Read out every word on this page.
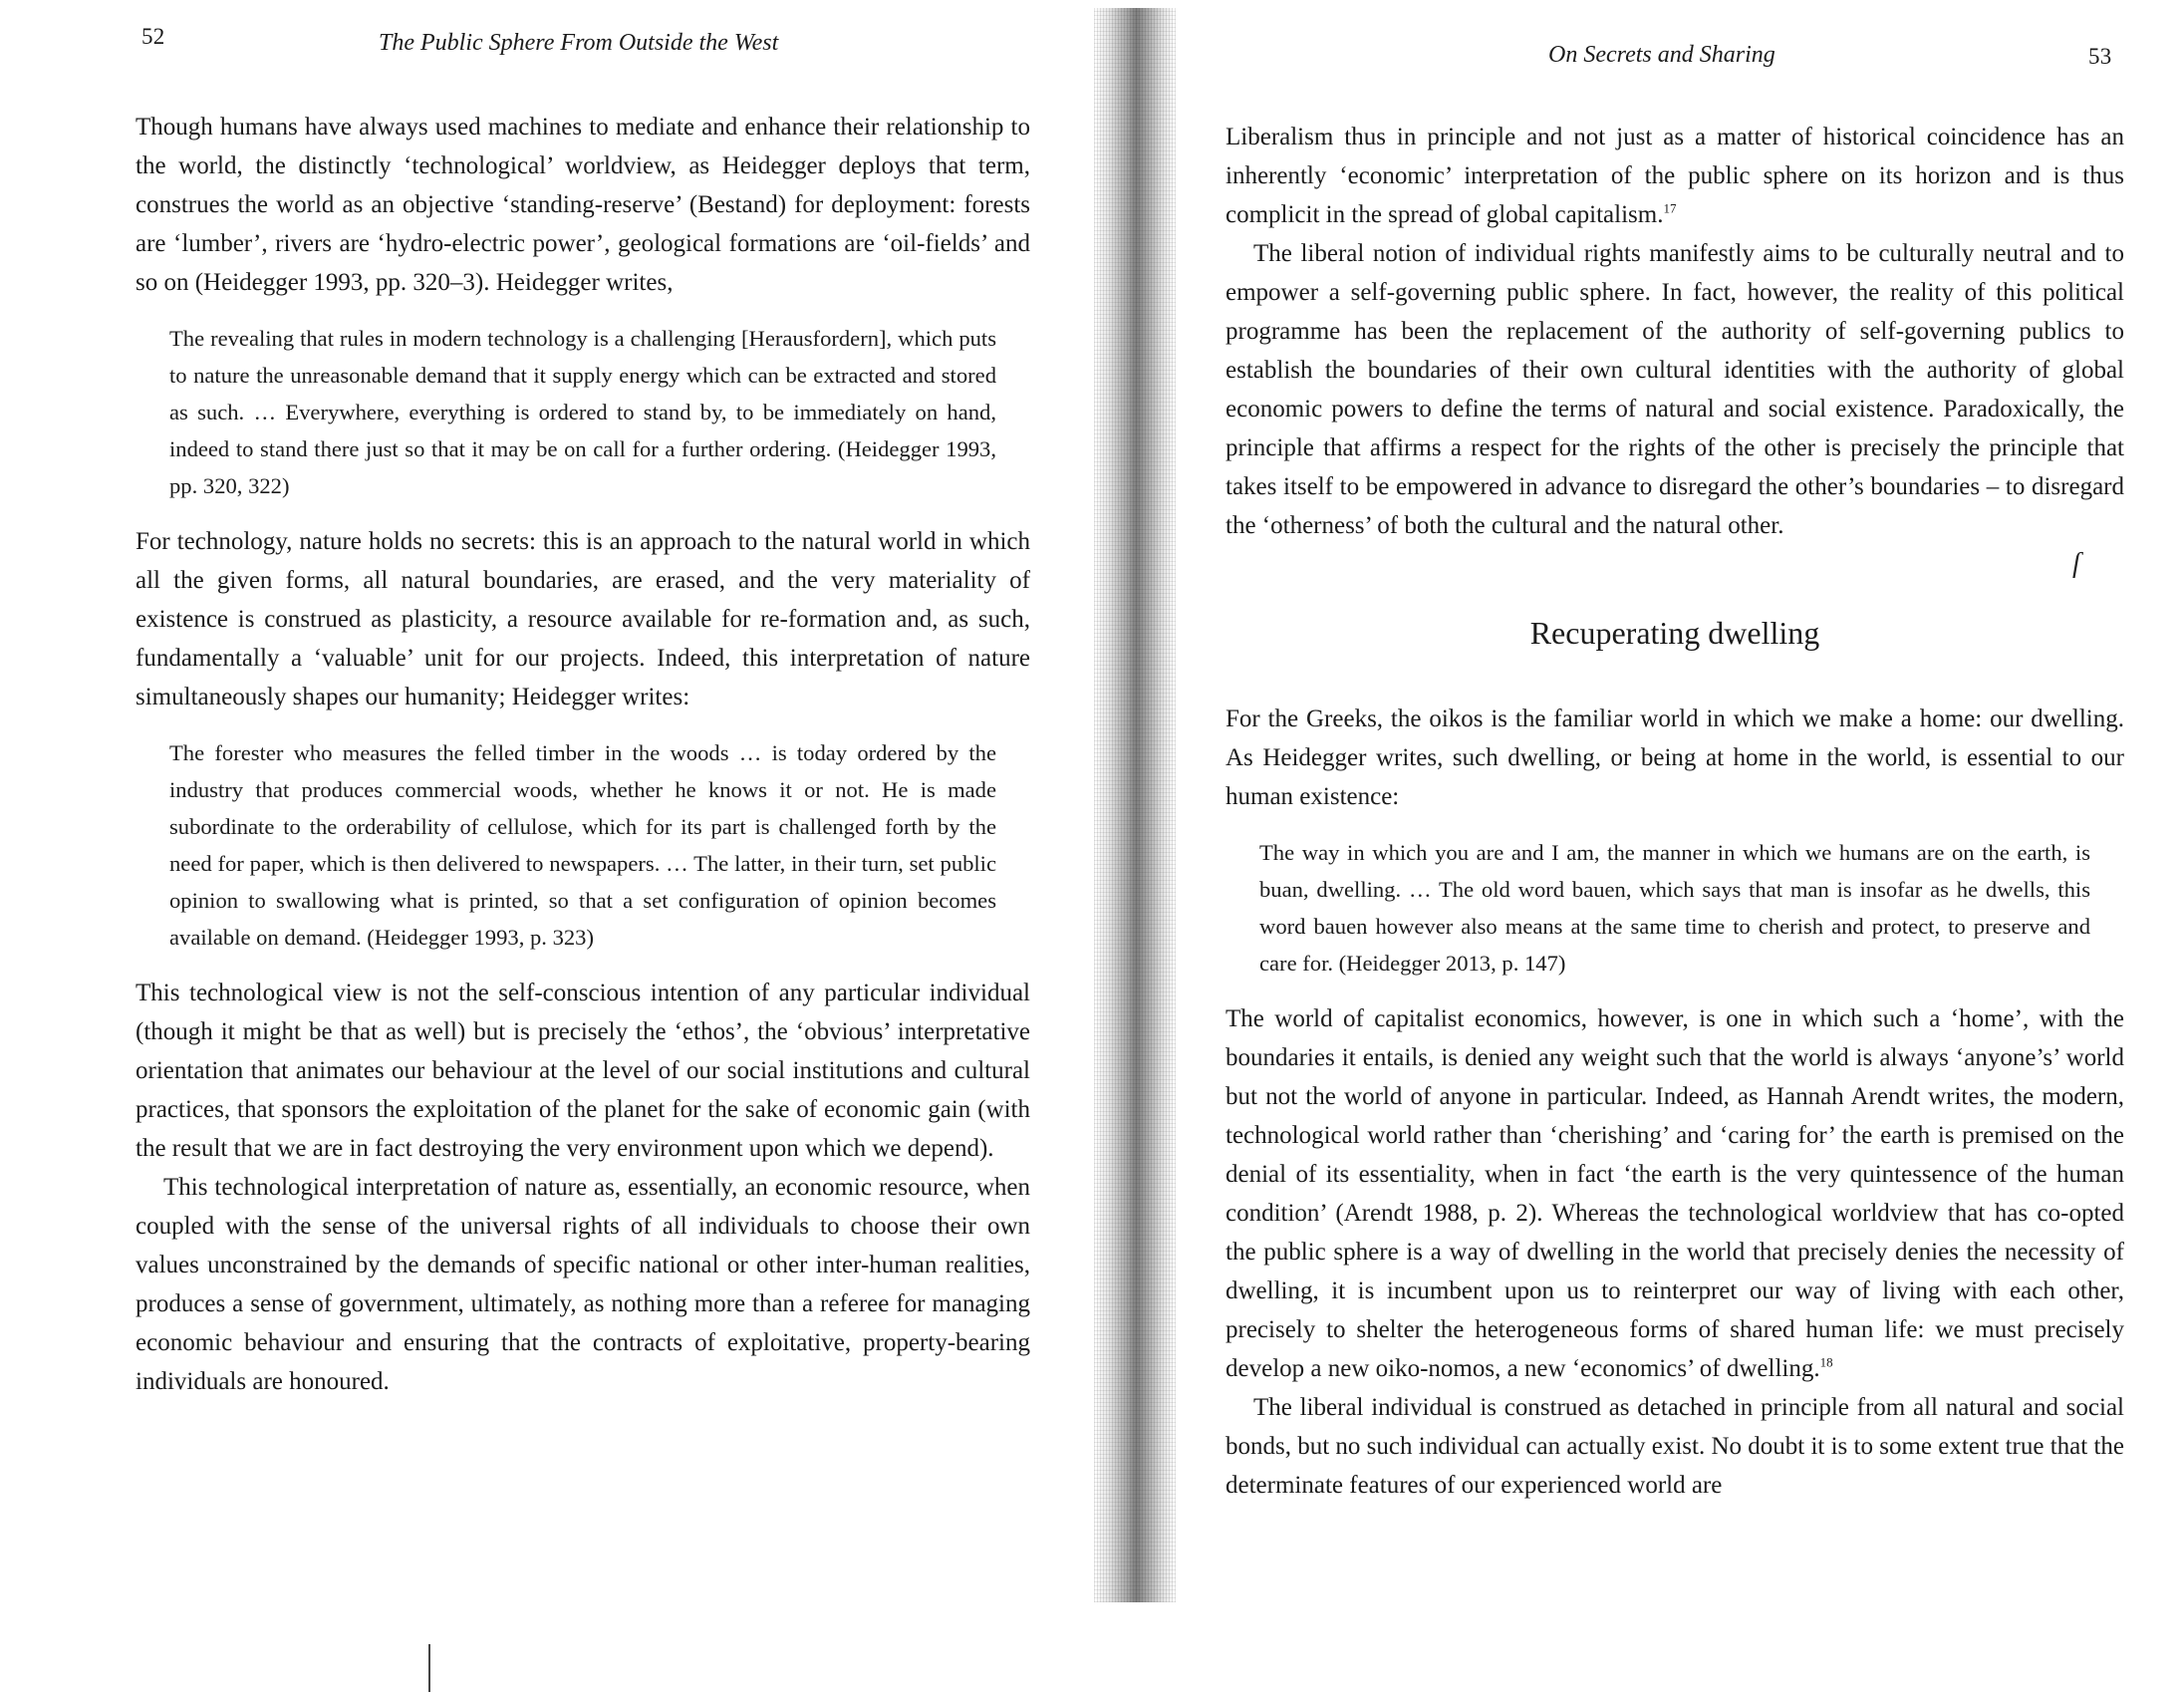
52	The Public Sphere From Outside the West

Though humans have always used machines to mediate and enhance their relationship to the world, the distinctly ‘technological’ worldview, as Heidegger deploys that term, construes the world as an objective ‘standing-reserve’ (Bestand) for deployment: forests are ‘lumber’, rivers are ‘hydro-electric power’, geological formations are ‘oil-fields’ and so on (Heidegger 1993, pp. 320–3). Heidegger writes,

The revealing that rules in modern technology is a challenging [Herausfordern], which puts to nature the unreasonable demand that it supply energy which can be extracted and stored as such. … Everywhere, everything is ordered to stand by, to be immediately on hand, indeed to stand there just so that it may be on call for a further ordering. (Heidegger 1993, pp. 320, 322)

For technology, nature holds no secrets: this is an approach to the natural world in which all the given forms, all natural boundaries, are erased, and the very materiality of existence is construed as plasticity, a resource available for re-formation and, as such, fundamentally a ‘valuable’ unit for our projects. Indeed, this interpretation of nature simultaneously shapes our humanity; Heidegger writes:

The forester who measures the felled timber in the woods … is today ordered by the industry that produces commercial woods, whether he knows it or not. He is made subordinate to the orderability of cellulose, which for its part is challenged forth by the need for paper, which is then delivered to newspapers. … The latter, in their turn, set public opinion to swallowing what is printed, so that a set configuration of opinion becomes available on demand. (Heidegger 1993, p. 323)

This technological view is not the self-conscious intention of any particular individual (though it might be that as well) but is precisely the ‘ethos’, the ‘obvious’ interpretative orientation that animates our behaviour at the level of our social institutions and cultural practices, that sponsors the exploitation of the planet for the sake of economic gain (with the result that we are in fact destroying the very environment upon which we depend).

This technological interpretation of nature as, essentially, an economic resource, when coupled with the sense of the universal rights of all individuals to choose their own values unconstrained by the demands of specific national or other inter-human realities, produces a sense of government, ultimately, as nothing more than a referee for managing economic behaviour and ensuring that the contracts of exploitative, property-bearing individuals are honoured.

On Secrets and Sharing	53

Liberalism thus in principle and not just as a matter of historical coincidence has an inherently ‘economic’ interpretation of the public sphere on its horizon and is thus complicit in the spread of global capitalism.$^{17}$

The liberal notion of individual rights manifestly aims to be culturally neutral and to empower a self-governing public sphere. In fact, however, the reality of this political programme has been the replacement of the authority of self-governing publics to establish the boundaries of their own cultural identities with the authority of global economic powers to define the terms of natural and social existence. Paradoxically, the principle that affirms a respect for the rights of the other is precisely the principle that takes itself to be empowered in advance to disregard the other’s boundaries – to disregard the ‘otherness’ of both the cultural and the natural other.

Recuperating dwelling

For the Greeks, the oikos is the familiar world in which we make a home: our dwelling. As Heidegger writes, such dwelling, or being at home in the world, is essential to our human existence:

The way in which you are and I am, the manner in which we humans are on the earth, is buan, dwelling. … The old word bauen, which says that man is insofar as he dwells, this word bauen however also means at the same time to cherish and protect, to preserve and care for. (Heidegger 2013, p. 147)

The world of capitalist economics, however, is one in which such a ‘home’, with the boundaries it entails, is denied any weight such that the world is always ‘anyone’s’ world but not the world of anyone in particular. Indeed, as Hannah Arendt writes, the modern, technological world rather than ‘cherishing’ and ‘caring for’ the earth is premised on the denial of its essentiality, when in fact ‘the earth is the very quintessence of the human condition’ (Arendt 1988, p. 2). Whereas the technological worldview that has co-opted the public sphere is a way of dwelling in the world that precisely denies the necessity of dwelling, it is incumbent upon us to reinterpret our way of living with each other, precisely to shelter the heterogeneous forms of shared human life: we must precisely develop a new oiko-nomos, a new ‘economics’ of dwelling.$^{18}$

The liberal individual is construed as detached in principle from all natural and social bonds, but no such individual can actually exist. No doubt it is to some extent true that the determinate features of our experienced world are

ſ
